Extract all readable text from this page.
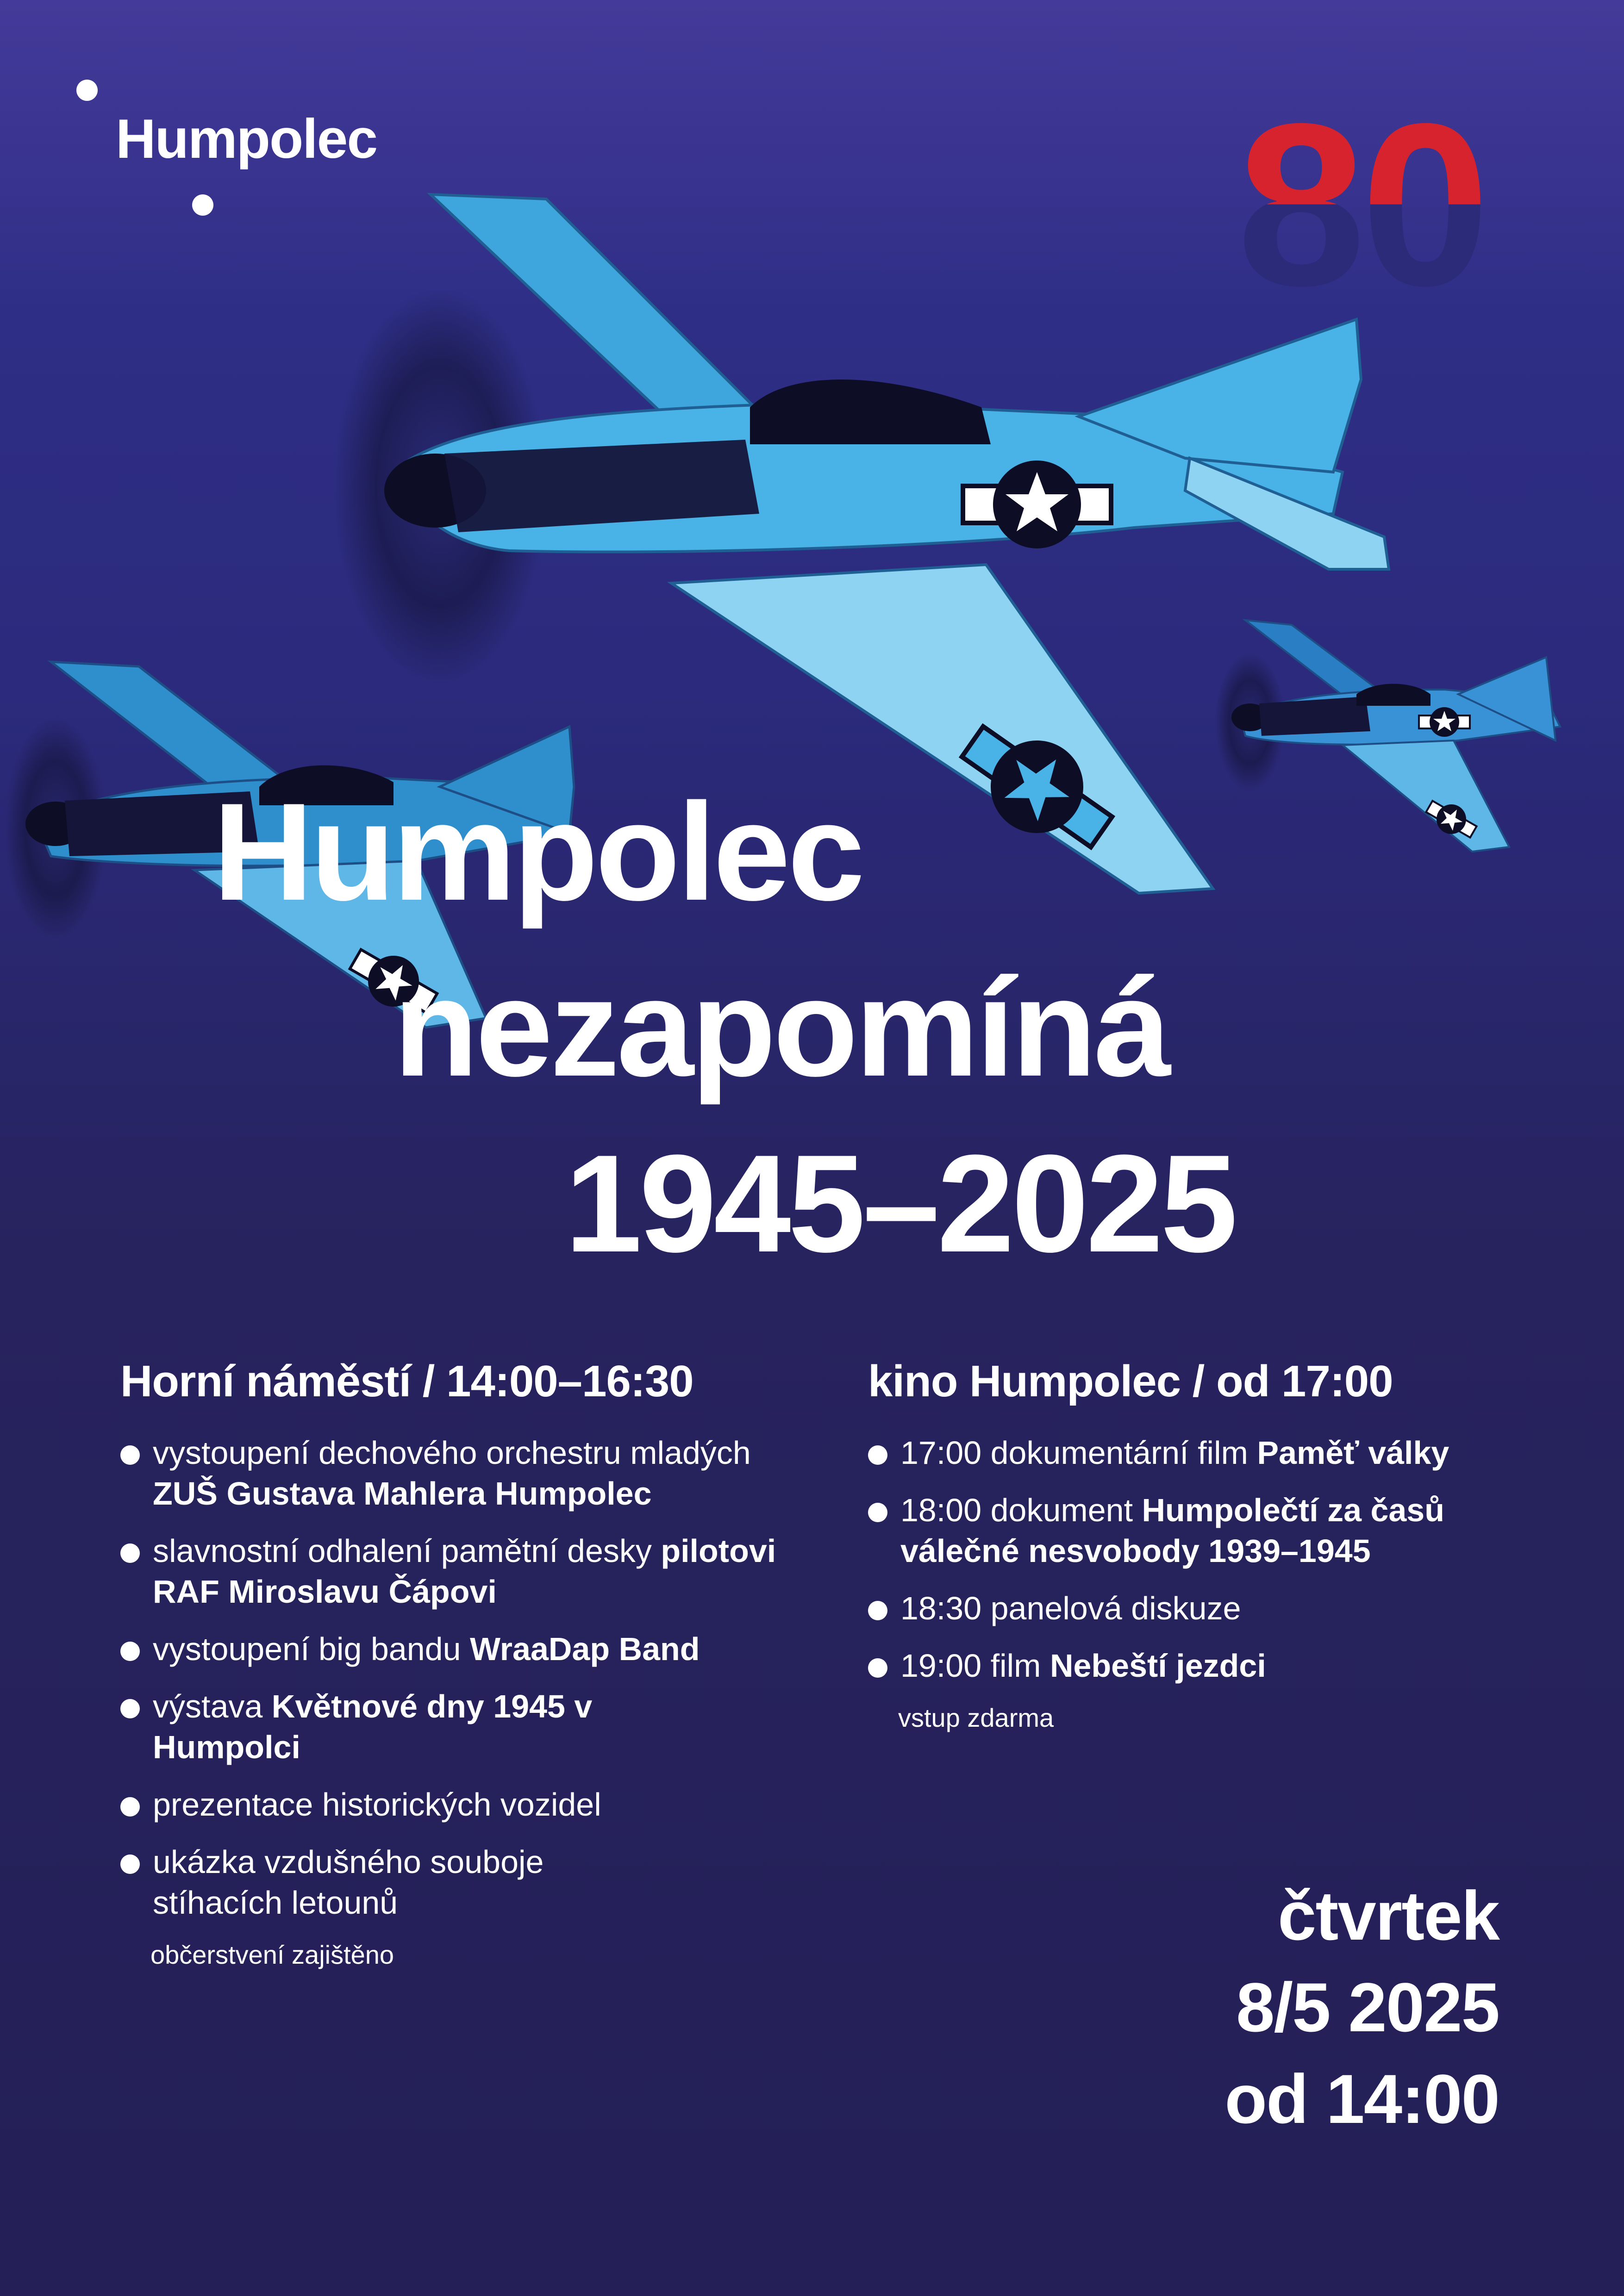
Humpolec	80
Humpolec
nezapomíná
1945–2025
Horní náměstí / 14:00–16:30
vystoupení dechového orchestru mladých ZUŠ Gustava Mahlera Humpolec
slavnostní odhalení pamětní desky pilotovi RAF Miroslavu Čápovi
vystoupení big bandu WraaDap Band
výstava Květnové dny 1945 v Humpolci
prezentace historických vozidel
ukázka vzdušného souboje stíhacích letounů
občerstvení zajištěno
kino Humpolec / od 17:00
17:00 dokumentární film Paměť války
18:00 dokument Humpolečtí za časů válečné nesvobody 1939–1945
18:30 panelová diskuze
19:00 film Nebeští jezdci
vstup zdarma
čtvrtek
8/5 2025
od 14:00
